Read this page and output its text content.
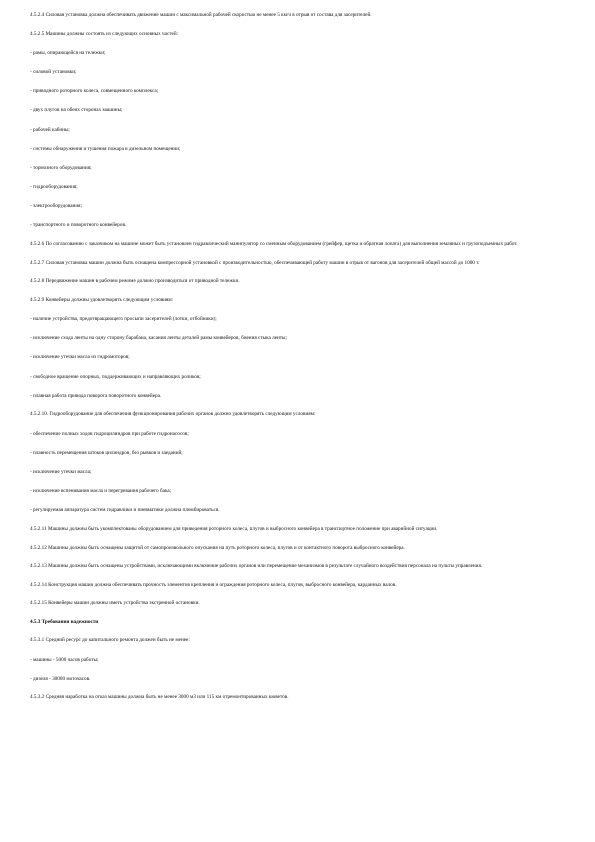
4.5.2.4 Силовая установка должна обеспечивать движение машин с максимальной рабочей скоростью не менее 5 км/ч в отрыв от состава для засерителей.

4.5.2.5 Машины должны состоять из следующих основных частей:

- рамы, опирающейся на тележки;

- силовой установки;

- приводного роторного колеса, совмещенного комплекса;

- двух плугов на обеих сторонах машины;

- рабочей кабины;

- системы обнаружения и тушения пожара в дизельном помещении;

- тормозного оборудования;

- гидрооборудования;

- электрооборудования;

- транспортного и поворотного конвейеров.

4.5.2.6 По согласованию с заказчиком на машине может быть установлен гидравлический манипулятор со сменным оборудованием (грейфер, щетка и обратная лопата) для выполнения земляных и грузоподъемных работ.

4.5.2.7 Силовая установка машин должна быть оснащена компрессорной установкой с производительностью, обеспечивающей работу машин в отрыв от вагонов для засерителей общей массой до 1000 т.

4.5.2.8 Передвижение машин в рабочем режиме должно производиться от приводной тележки.

4.5.2.9 Конвейеры должны удовлетворять следующим условиям:

- наличие устройства, предотвращающего просыпи засерителей (лотки, отбойники);

- исключение схода ленты на одну сторону барабана, касания ленты деталей рамы конвейеров, биения стыка ленты;

- исключение утечки масла из гидромоторов;

- свободное вращение опорных, поддерживающих и направляющих роликов;

- плавная работа привода поворота поворотного конвейера.

4.5.2.10. Гидрооборудование для обеспечения функционирования рабочих органов должно удовлетворять следующим условиям:

- обеспечение полных ходов гидроцилиндров при работе гидронасосов;

- плавность перемещения штоков цилиндров, без рывков и заеданий;

- исключение утечки масла;

- исключение вспенивания масла и перегревания рабочего бака;

- регулируемая аппаратура систем гидравлики и пневматики должна пломбироваться.

4.5.2.11 Машины должны быть укомплектованы оборудованием для приведения роторного колеса, плугов и выбросного конвейера в транспортное положение при аварийной ситуации.

4.5.2.12 Машины должны быть оснащены защитой от самопроизвольного опускания на путь роторного колеса, плугов и от контактного поворота выбросного конвейера.

4.5.2.13 Машины должны быть оснащены устройствами, исключающими включение рабочих органов или перемещение механизмов в результате случайного воздействия персонала на пульты управления.

4.5.2.14 Конструкция машин должна обеспечивать прочность элементов крепления и ограждения роторного колеса, плугов, выбросного конвейера, карданных валов.

4.5.2.15 Конвейеры машин должны иметь устройства экстренной остановки.

4.5.3 Требования надежности

4.5.3.1 Средний ресурс до капитального ремонта должен быть не менее:

- машины - 5000 часов работы;

- дизеля - 30000 моточасов.

4.5.3.2 Средняя наработка на отказ машины должна быть не менее 3000 м3 или 115 км отремонтированных кюветов.
